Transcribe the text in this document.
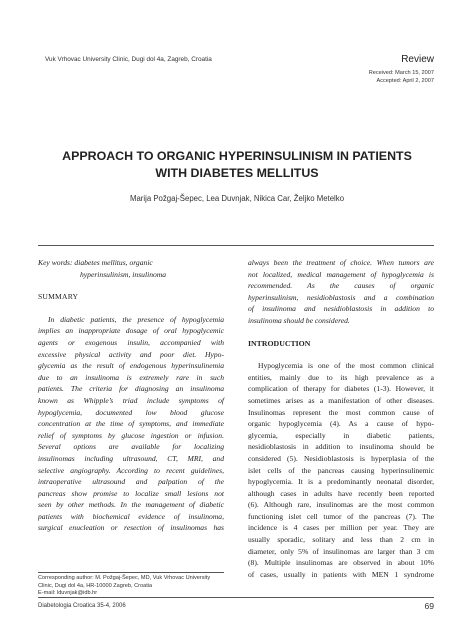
Vuk Vrhovac University Clinic, Dugi dol 4a, Zagreb, Croatia	Review
Received: March 15, 2007
Accepted: April 2, 2007
APPROACH TO ORGANIC HYPERINSULINISM IN PATIENTS
WITH DIABETES MELLITUS
Marija Požgaj-Šepec, Lea Duvnjak, Nikica Car, Željko Metelko
Key words: diabetes mellitus, organic
hyperinsulinism, insulinoma
SUMMARY
In diabetic patients, the presence of hypoglycemia
implies an inappropriate dosage of oral hypoglycemic
agents or exogenous insulin, accompanied with
excessive physical activity and poor diet. Hypo-
glycemia as the result of endogenous hyperinsulinemia
due to an insulinoma is extremely rare in such
patients. The criteria for diagnosing an insulinoma
known as Whipple’s triad include symptoms of
hypoglycemia, documented low blood glucose
concentration at the time of symptoms, and immediate
relief of symptoms by glucose ingestion or infusion.
Several options are available for localizing
insulinomas including ultrasound, CT, MRI, and
selective angiography. According to recent guidelines,
intraoperative ultrasound and palpation of the
pancreas show promise to localize small lesions not
seen by other methods. In the management of diabetic
patients with biochemical evidence of insulinoma,
surgical enucleation or resection of insulinomas has
always been the treatment of choice. When tumors are
not localized, medical management of hypoglycemia is
recommended. As the causes of organic
hyperinsulinism, nesidioblastosis and a combination
of insulinoma and nesidioblastosis in addition to
insulinoma should be considered.
INTRODUCTION
Hypoglycemia is one of the most common clinical
entities, mainly due to its high prevalence as a
complication of therapy for diabetes (1-3). However, it
sometimes arises as a manifestation of other diseases.
Insulinomas represent the most common cause of
organic hypoglycemia (4). As a cause of hypo-
glycemia, especially in diabetic patients,
nesidioblastosis in addition to insulinoma should be
considered (5). Nesidioblastosis is hyperplasia of the
islet cells of the pancreas causing hyperinsulinemic
hypoglycemia. It is a predominantly neonatal disorder,
although cases in adults have recently been reported
(6). Although rare, insulinomas are the most common
functioning islet cell tumor of the pancreas (7). The
incidence is 4 cases per million per year. They are
usually sporadic, solitary and less than 2 cm in
diameter, only 5% of insulinomas are larger than 3 cm
(8). Multiple insulinomas are observed in about 10%
of cases, usually in patients with MEN 1 syndrome
Corresponding author: M. Požgaj-Šepec, MD, Vuk Vrhovac University
Clinic, Dugi dol 4a, HR-10000 Zagreb, Croatia
E-mail: lduvnjak@idb.hr
Diabetologia Croatica 35-4, 2006	69
